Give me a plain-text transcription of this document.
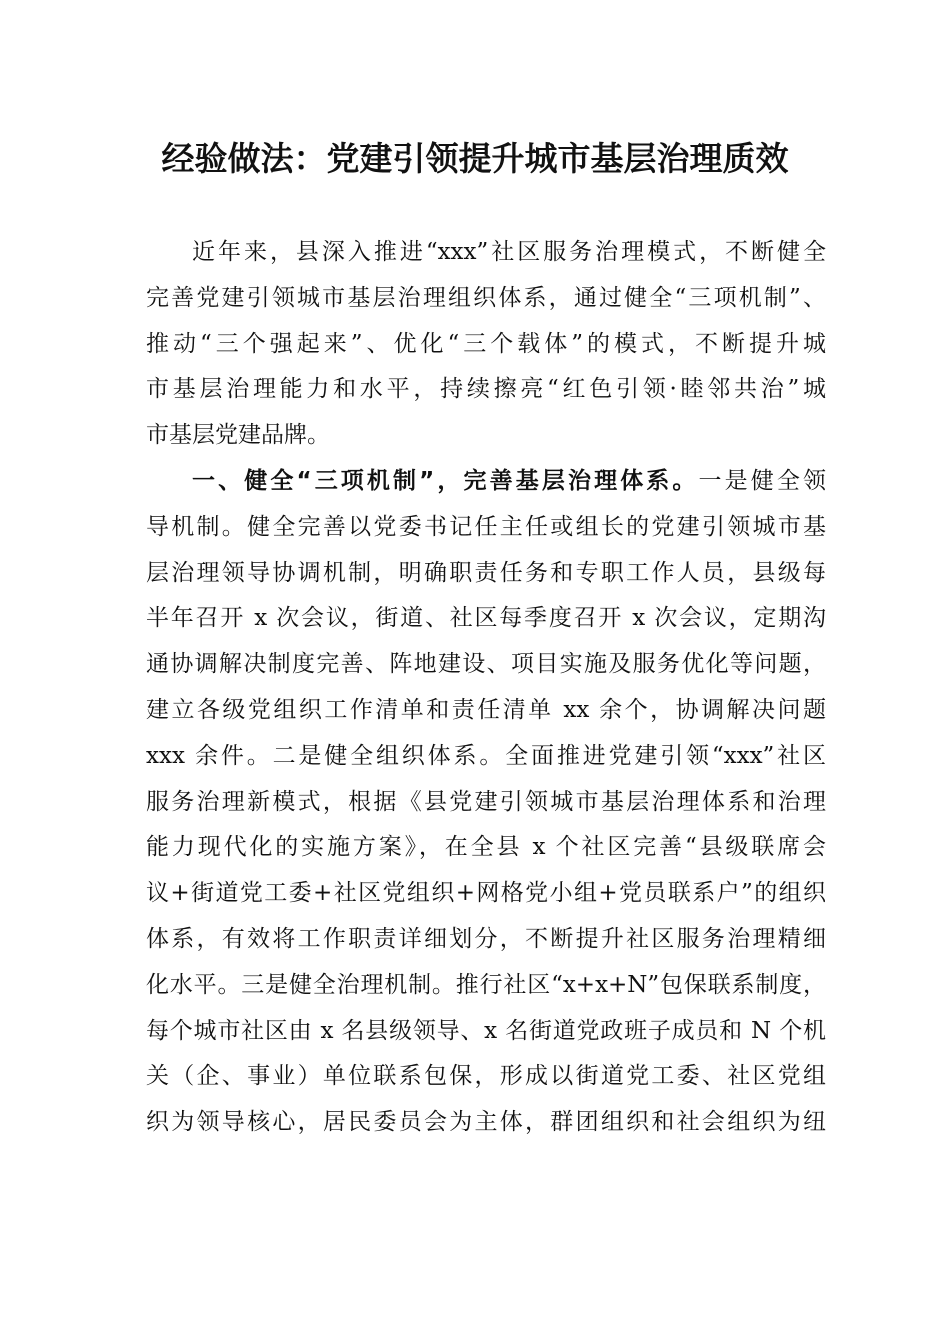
经验做法：党建引领提升城市基层治理质效
近年来，县深入推进“xxx”社区服务治理模式，不断健全
完善党建引领城市基层治理组织体系，通过健全“三项机制”、
推动“三个强起来”、优化“三个载体”的模式，不断提升城
市基层治理能力和水平，持续擦亮“红色引领·睦邻共治”城
市基层党建品牌。
一、健全“三项机制”，完善基层治理体系。一是健全领
导机制。健全完善以党委书记任主任或组长的党建引领城市基
层治理领导协调机制，明确职责任务和专职工作人员，县级每
半年召开 x 次会议，街道、社区每季度召开 x 次会议，定期沟
通协调解决制度完善、阵地建设、项目实施及服务优化等问题，
建立各级党组织工作清单和责任清单 xx 余个，协调解决问题
xxx 余件。二是健全组织体系。全面推进党建引领“xxx”社区
服务治理新模式，根据《县党建引领城市基层治理体系和治理
能力现代化的实施方案》，在全县 x 个社区完善“县级联席会
议+街道党工委+社区党组织+网格党小组+党员联系户”的组织
体系，有效将工作职责详细划分，不断提升社区服务治理精细
化水平。三是健全治理机制。推行社区“x+x+N”包保联系制度，
每个城市社区由 x 名县级领导、x 名街道党政班子成员和 N 个机
关（企、事业）单位联系包保，形成以街道党工委、社区党组
织为领导核心，居民委员会为主体，群团组织和社会组织为纽
